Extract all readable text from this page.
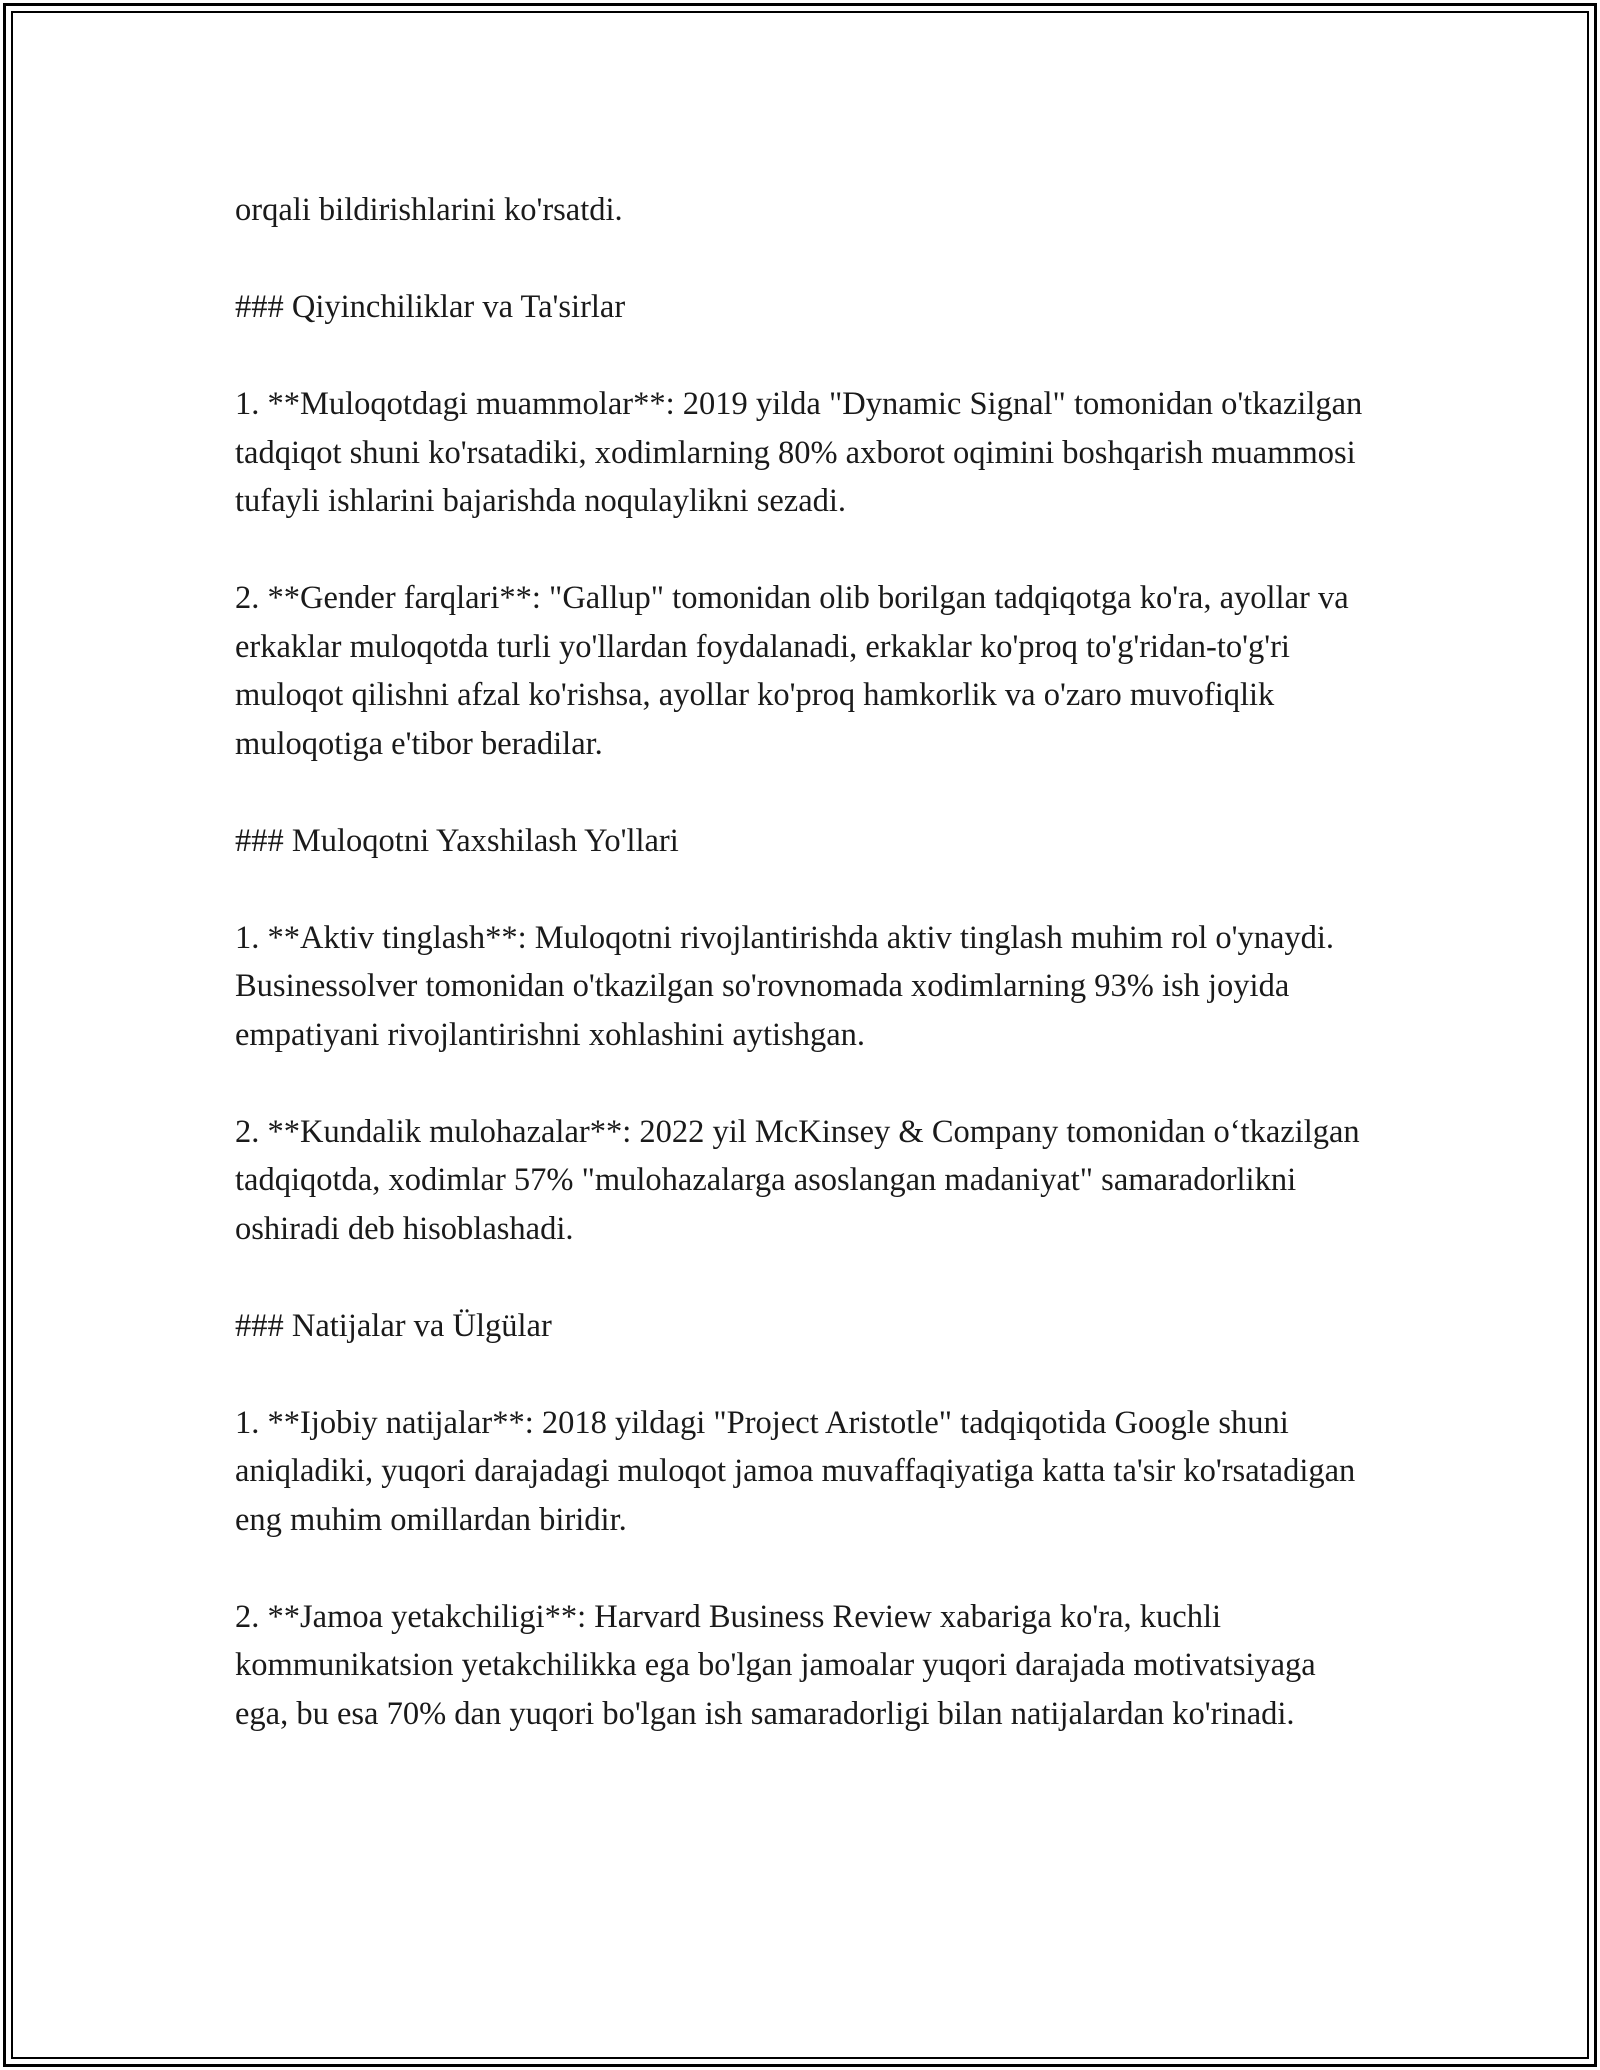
orqali bildirishlarini ko'rsatdi.

### Qiyinchiliklar va Ta'sirlar

1. **Muloqotdagi muammolar**: 2019 yilda "Dynamic Signal" tomonidan o'tkazilgan tadqiqot shuni ko'rsatadiki, xodimlarning 80% axborot oqimini boshqarish muammosi tufayli ishlarini bajarishda noqulaylikni sezadi.

2. **Gender farqlari**: "Gallup" tomonidan olib borilgan tadqiqotga ko'ra, ayollar va erkaklar muloqotda turli yo'llardan foydalanadi, erkaklar ko'proq to'g'ridan-to'g'ri muloqot qilishni afzal ko'rishsa, ayollar ko'proq hamkorlik va o'zaro muvofiqlik muloqotiga e'tibor beradilar.

### Muloqotni Yaxshilash Yo'llari

1. **Aktiv tinglash**: Muloqotni rivojlantirishda aktiv tinglash muhim rol o'ynaydi. Businessolver tomonidan o'tkazilgan so'rovnomada xodimlarning 93% ish joyida empatiyani rivojlantirishni xohlashini aytishgan.

2. **Kundalik mulohazalar**: 2022 yil McKinsey & Company tomonidan oʻtkazilgan tadqiqotda, xodimlar 57% "mulohazalarga asoslangan madaniyat" samaradorlikni oshiradi deb hisoblashadi.

### Natijalar va Ülgülar

1. **Ijobiy natijalar**: 2018 yildagi "Project Aristotle" tadqiqotida Google shuni aniqladiki, yuqori darajadagi muloqot jamoa muvaffaqiyatiga katta ta'sir ko'rsatadigan eng muhim omillardan biridir.

2. **Jamoa yetakchiligi**: Harvard Business Review xabariga ko'ra, kuchli kommunikatsion yetakchilikka ega bo'lgan jamoalar yuqori darajada motivatsiyaga ega, bu esa 70% dan yuqori bo'lgan ish samaradorligi bilan natijalardan ko'rinadi.
